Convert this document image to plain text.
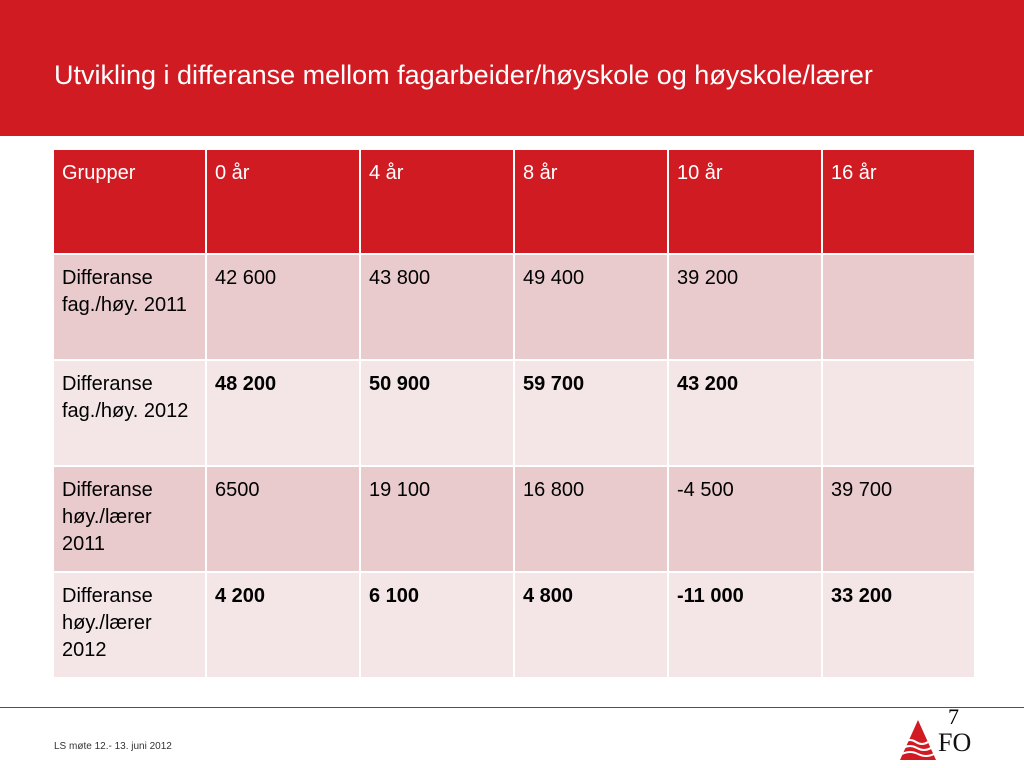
Utvikling i differanse mellom fagarbeider/høyskole og høyskole/lærer
Grupper	0 år	4 år	8 år	10 år	16 år
Differanse fag./høy. 2011	42 600	43 800	49 400	39 200	
Differanse fag./høy. 2012	48 200	50 900	59 700	43 200	
Differanse høy./lærer 2011	6500	19 100	16 800	-4 500	39 700
Differanse høy./lærer 2012	4 200	6 100	4 800	-11 000	33 200
7
LS møte 12.- 13. juni 2012	FO
